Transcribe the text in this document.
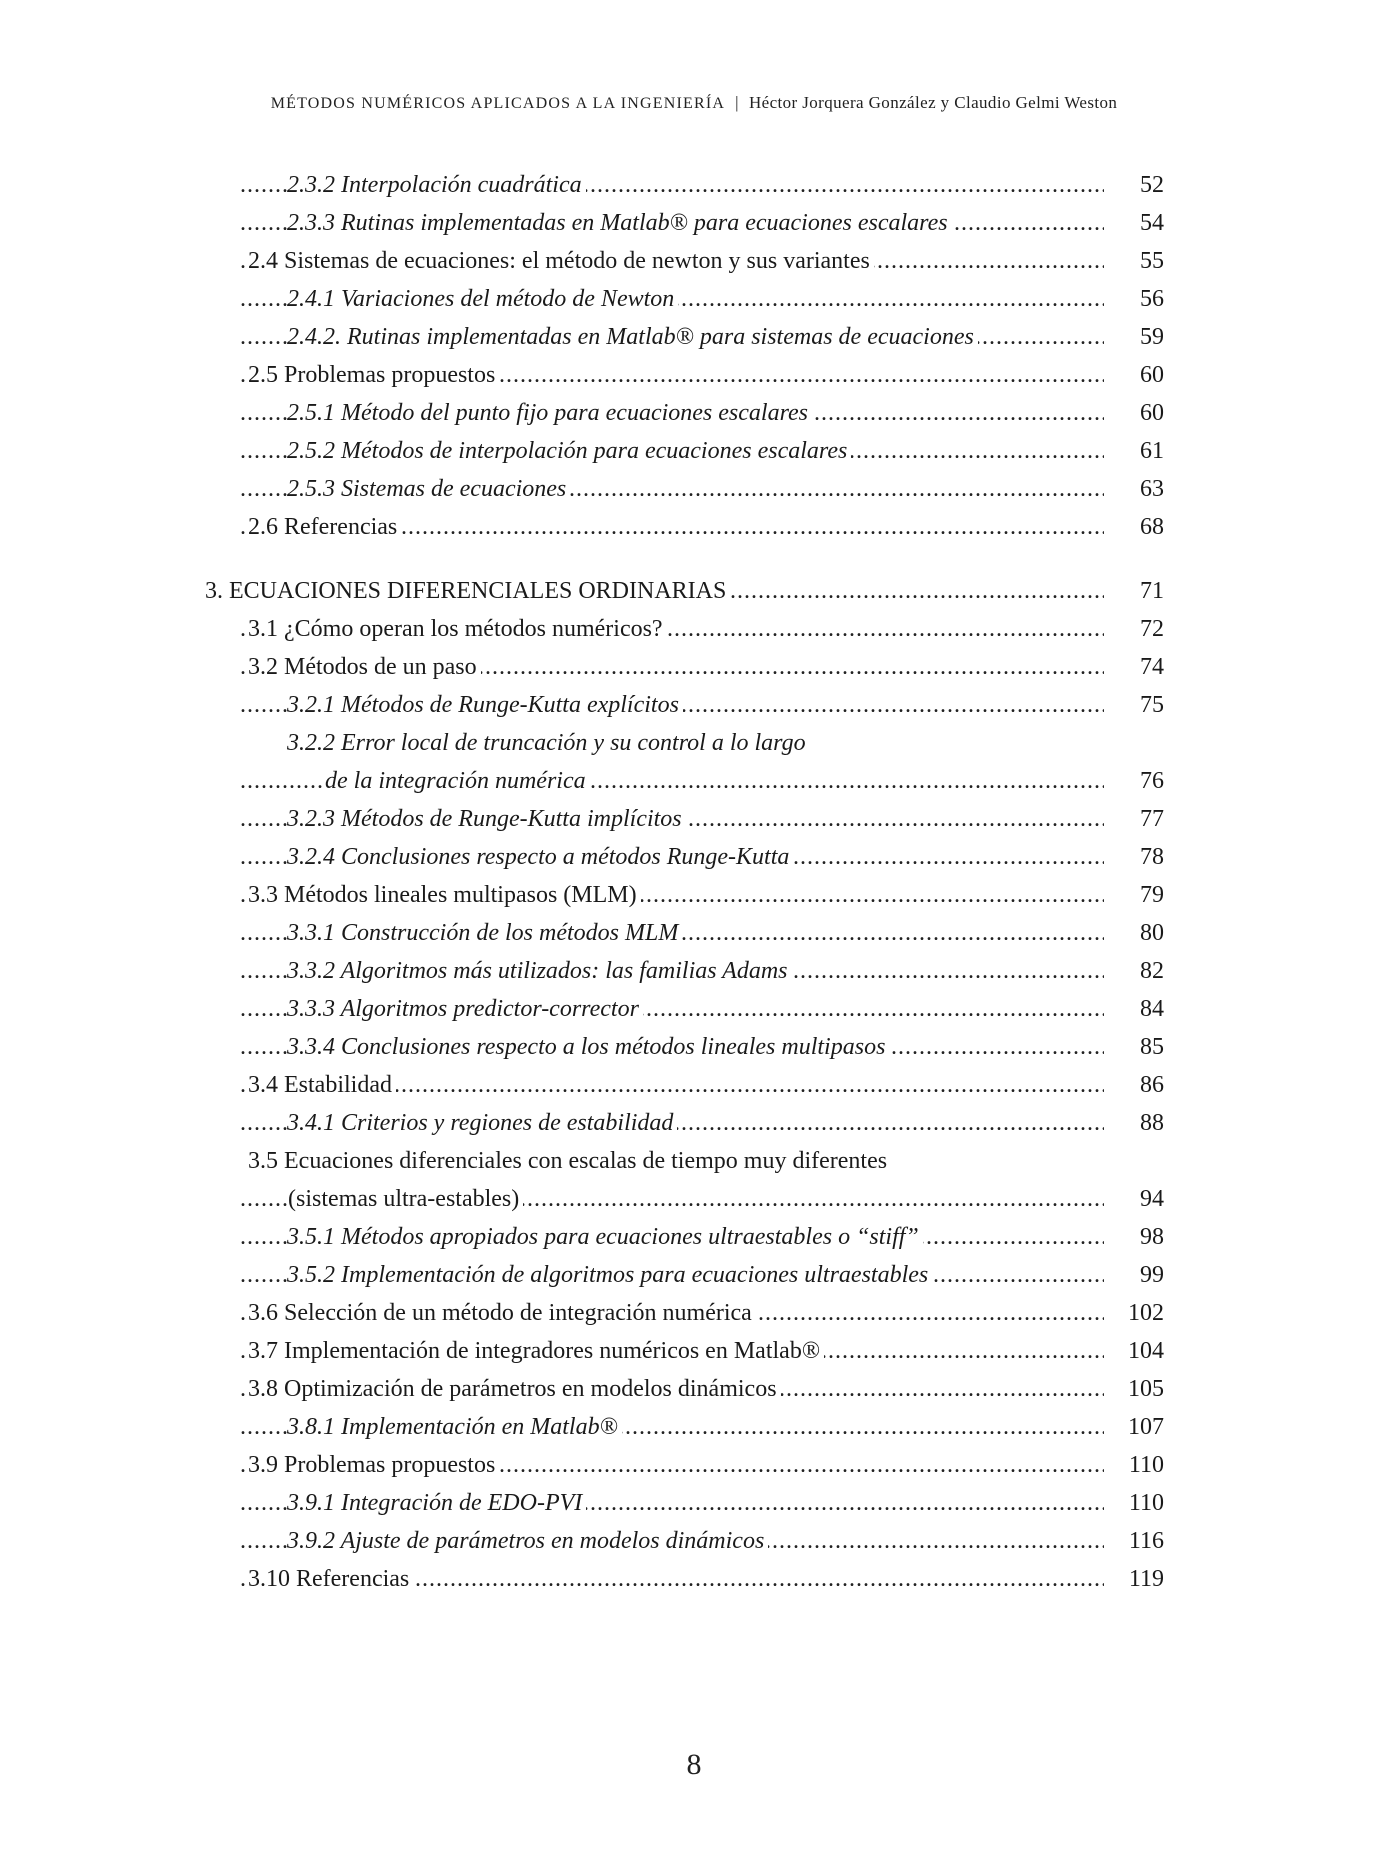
MÉTODOS NUMÉRICOS APLICADOS A LA INGENIERÍA | Héctor Jorquera González y Claudio Gelmi Weston
2.3.2 Interpolación cuadrática .....	52
2.3.3 Rutinas implementadas en Matlab® para ecuaciones escalares .....	54
2.4 Sistemas de ecuaciones: el método de newton y sus variantes .....	55
2.4.1 Variaciones del método de Newton .....	56
2.4.2. Rutinas implementadas en Matlab® para sistemas de ecuaciones .....	59
2.5 Problemas propuestos .....	60
2.5.1 Método del punto fijo para ecuaciones escalares .....	60
2.5.2 Métodos de interpolación para ecuaciones escalares .....	61
2.5.3 Sistemas de ecuaciones .....	63
2.6 Referencias .....	68
3. ECUACIONES DIFERENCIALES ORDINARIAS .....	71
3.1 ¿Cómo operan los métodos numéricos? .....	72
3.2 Métodos de un paso .....	74
3.2.1 Métodos de Runge-Kutta explícitos .....	75
3.2.2 Error local de truncación y su control a lo largo
de la integración numérica .....	76
3.2.3 Métodos de Runge-Kutta implícitos .....	77
3.2.4 Conclusiones respecto a métodos Runge-Kutta .....	78
3.3 Métodos lineales multipasos (MLM) .....	79
3.3.1 Construcción de los métodos MLM .....	80
3.3.2 Algoritmos más utilizados: las familias Adams .....	82
3.3.3 Algoritmos predictor-corrector .....	84
3.3.4 Conclusiones respecto a los métodos lineales multipasos .....	85
3.4 Estabilidad .....	86
3.4.1 Criterios y regiones de estabilidad .....	88
3.5 Ecuaciones diferenciales con escalas de tiempo muy diferentes
(sistemas ultra-estables) .....	94
3.5.1 Métodos apropiados para ecuaciones ultraestables o “stiff” .....	98
3.5.2 Implementación de algoritmos para ecuaciones ultraestables .....	99
3.6 Selección de un método de integración numérica .....	102
3.7 Implementación de integradores numéricos en Matlab® .....	104
3.8 Optimización de parámetros en modelos dinámicos .....	105
3.8.1 Implementación en Matlab® .....	107
3.9 Problemas propuestos .....	110
3.9.1 Integración de EDO-PVI .....	110
3.9.2 Ajuste de parámetros en modelos dinámicos .....	116
3.10 Referencias .....	119
8
